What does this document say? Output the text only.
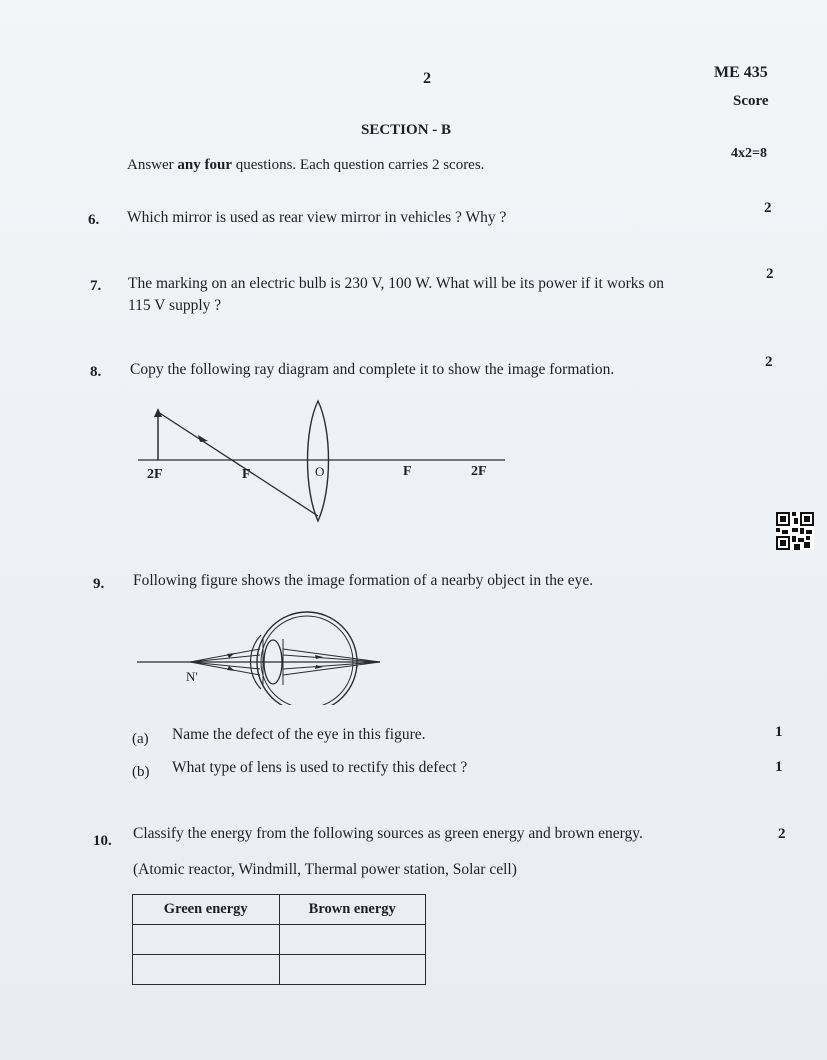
2	ME 435
Score
SECTION - B
Answer any four questions. Each question carries 2 scores.
4x2=8
6. Which mirror is used as rear view mirror in vehicles ? Why ?
2
7. The marking on an electric bulb is 230 V, 100 W. What will be its power if it works on
115 V supply ?
2
8. Copy the following ray diagram and complete it to show the image formation.	2
2F	F	O	F	2F
9. Following figure shows the image formation of a nearby object in the eye.
N'
(a) Name the defect of the eye in this figure.	1
(b) What type of lens is used to rectify this defect ?	1
10. Classify the energy from the following sources as green energy and brown energy.	2
(Atomic reactor, Windmill, Thermal power station, Solar cell)
Green energy	Brown energy
